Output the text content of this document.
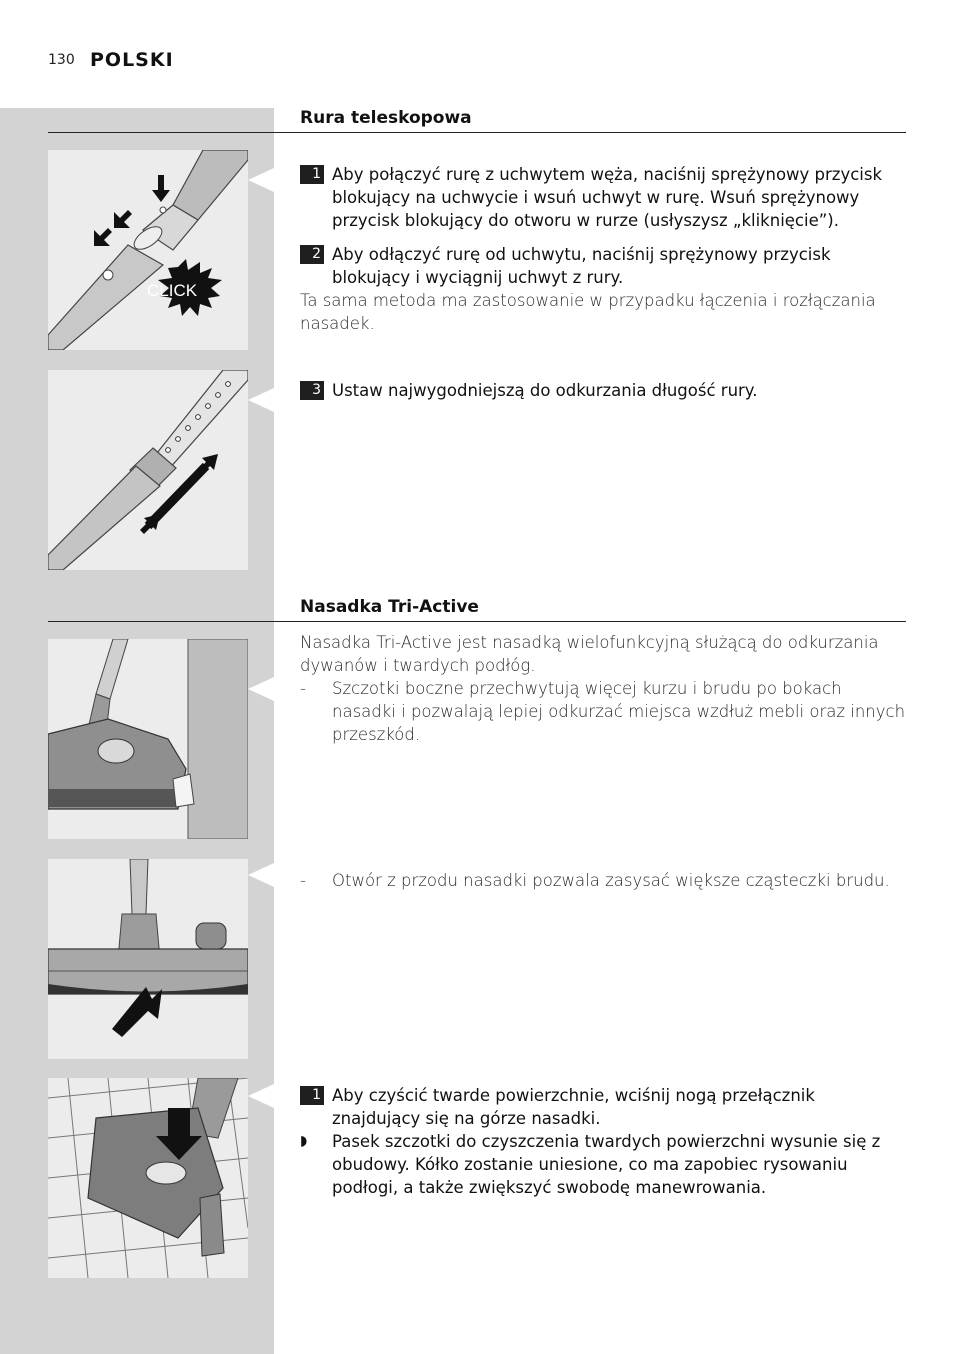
130 POLSKI
Rura teleskopowa
CLICK
1 Aby połączyć rurę z uchwytem węża, naciśnij sprężynowy przycisk blokujący na uchwycie i wsuń uchwyt w rurę. Wsuń sprężynowy przycisk blokujący do otworu w rurze (usłyszysz „kliknięcie”).
2 Aby odłączyć rurę od uchwytu, naciśnij sprężynowy przycisk blokujący i wyciągnij uchwyt z rury.
Ta sama metoda ma zastosowanie w przypadku łączenia i rozłączania nasadek.
3 Ustaw najwygodniejszą do odkurzania długość rury.
Nasadka Tri-Active
Nasadka Tri-Active jest nasadką wielofunkcyjną służącą do odkurzania dywanów i twardych podłóg.
-	Szczotki boczne przechwytują więcej kurzu i brudu po bokach nasadki i pozwalają lepiej odkurzać miejsca wzdłuż mebli oraz innych przeszkód.
-	Otwór z przodu nasadki pozwala zasysać większe cząsteczki brudu.
1 Aby czyścić twarde powierzchnie, wciśnij nogą przełącznik znajdujący się na górze nasadki.
◗	Pasek szczotki do czyszczenia twardych powierzchni wysunie się z obudowy. Kółko zostanie uniesione, co ma zapobiec rysowaniu podłogi, a także zwiększyć swobodę manewrowania.
